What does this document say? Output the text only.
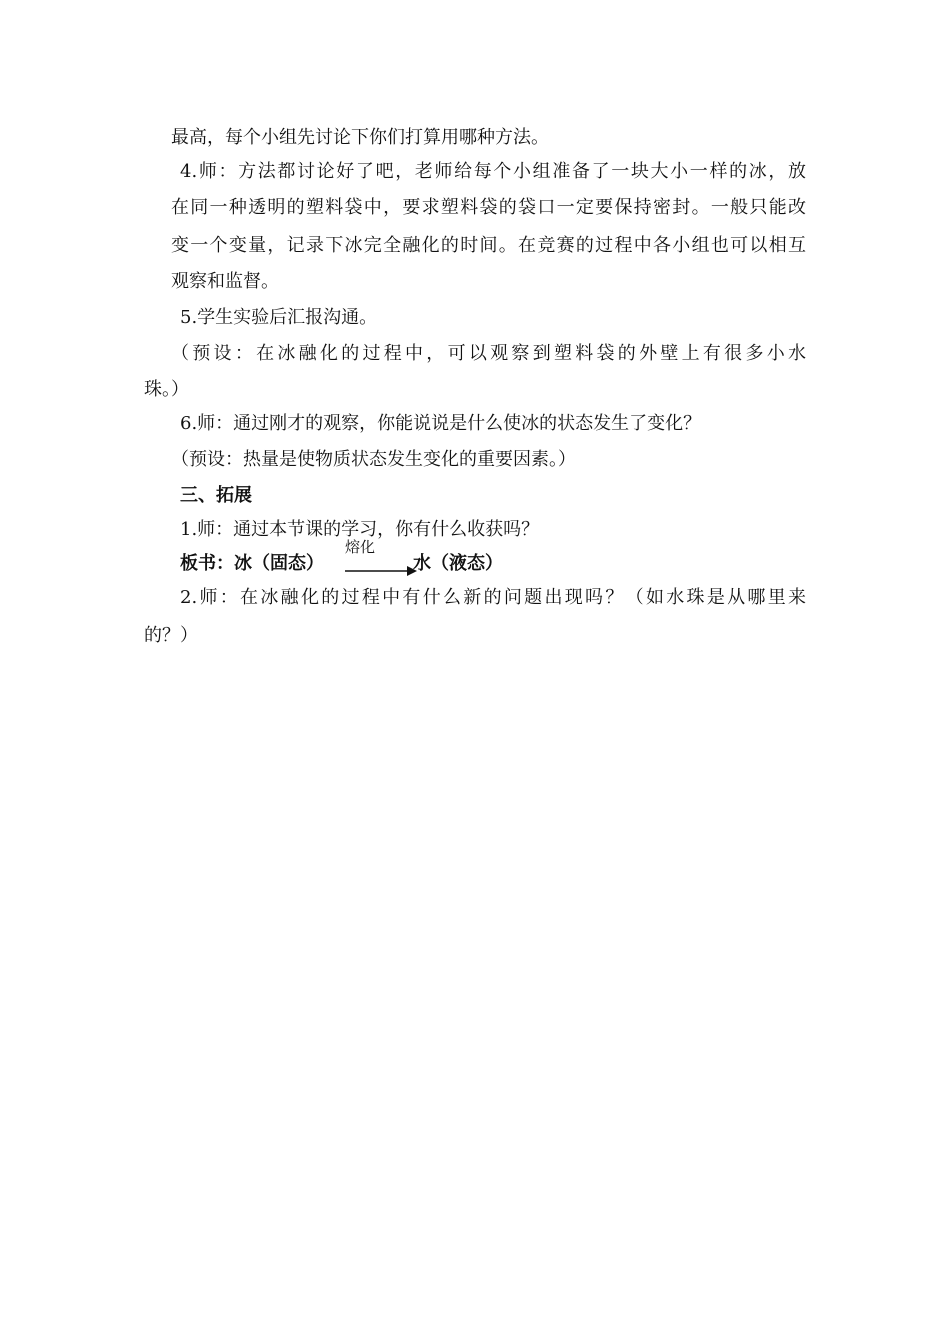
最高，每个小组先讨论下你们打算用哪种方法。
4.师：方法都讨论好了吧，老师给每个小组准备了一块大小一样的冰，放
在同一种透明的塑料袋中，要求塑料袋的袋口一定要保持密封。一般只能改
变一个变量，记录下冰完全融化的时间。在竞赛的过程中各小组也可以相互
观察和监督。
5.学生实验后汇报沟通。
（预设：在冰融化的过程中，可以观察到塑料袋的外壁上有很多小水
珠。）
6.师：通过刚才的观察，你能说说是什么使冰的状态发生了变化？
（预设：热量是使物质状态发生变化的重要因素。）
三、拓展
1.师：通过本节课的学习，你有什么收获吗？
板书：冰（固态）
熔化
水（液态）
2.师：在冰融化的过程中有什么新的问题出现吗？（如水珠是从哪里来
的？）
